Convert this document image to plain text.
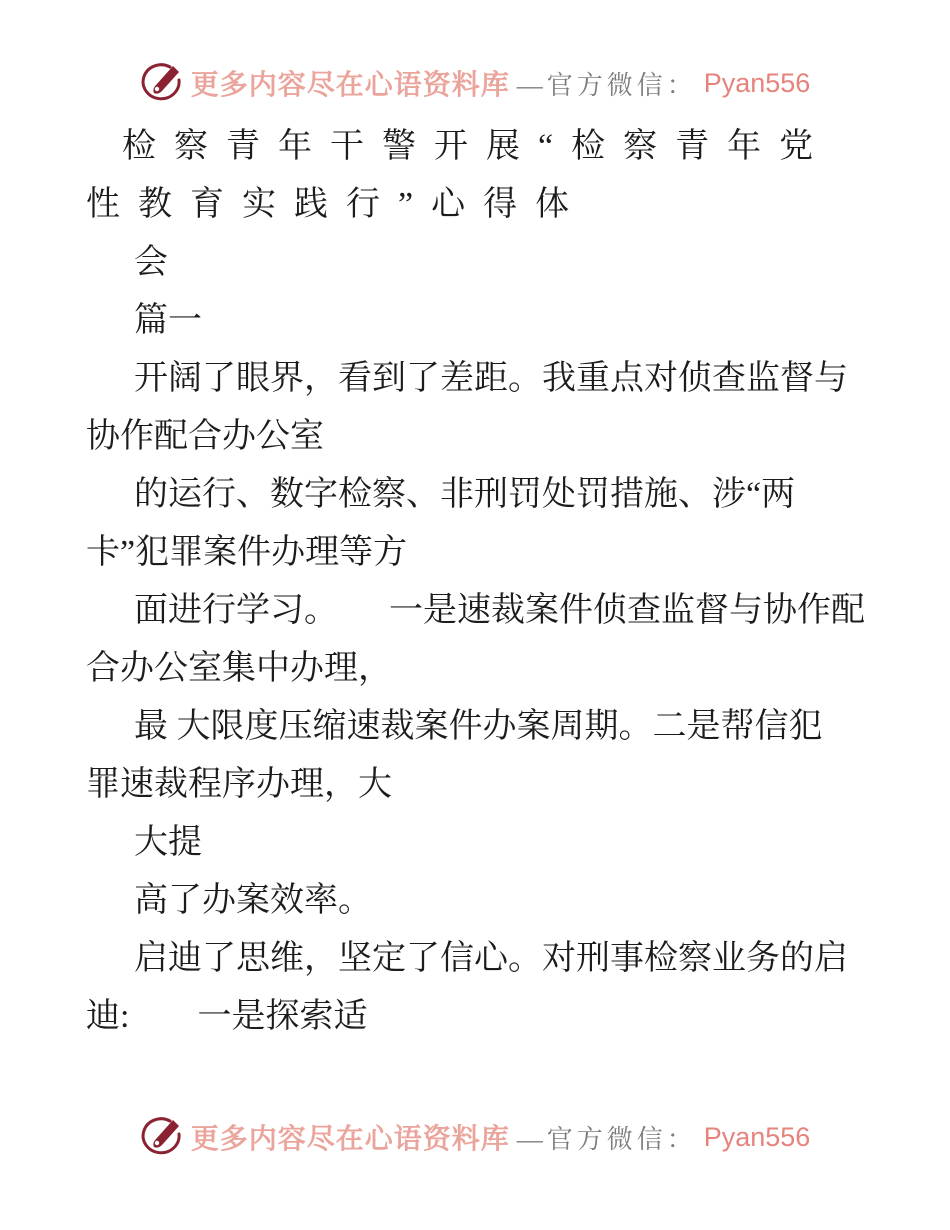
更多内容尽在心语资料库 —官方微信： Pyan556
检察青年干警开展“检察青年党
性教育实践行”心得体
会
篇一
开阔了眼界，看到了差距。我重点对侦查监督与
协作配合办公室
的运行、数字检察、非刑罚处罚措施、涉“两
卡”犯罪案件办理等方
面进行学习。　　一是速裁案件侦查监督与协作配
合办公室集中办理，
最 大限度压缩速裁案件办案周期。二是帮信犯
罪速裁程序办理，大
大提
高了办案效率。
启迪了思维，坚定了信心。对刑事检察业务的启
迪:　　一是探索适
更多内容尽在心语资料库 —官方微信： Pyan556
